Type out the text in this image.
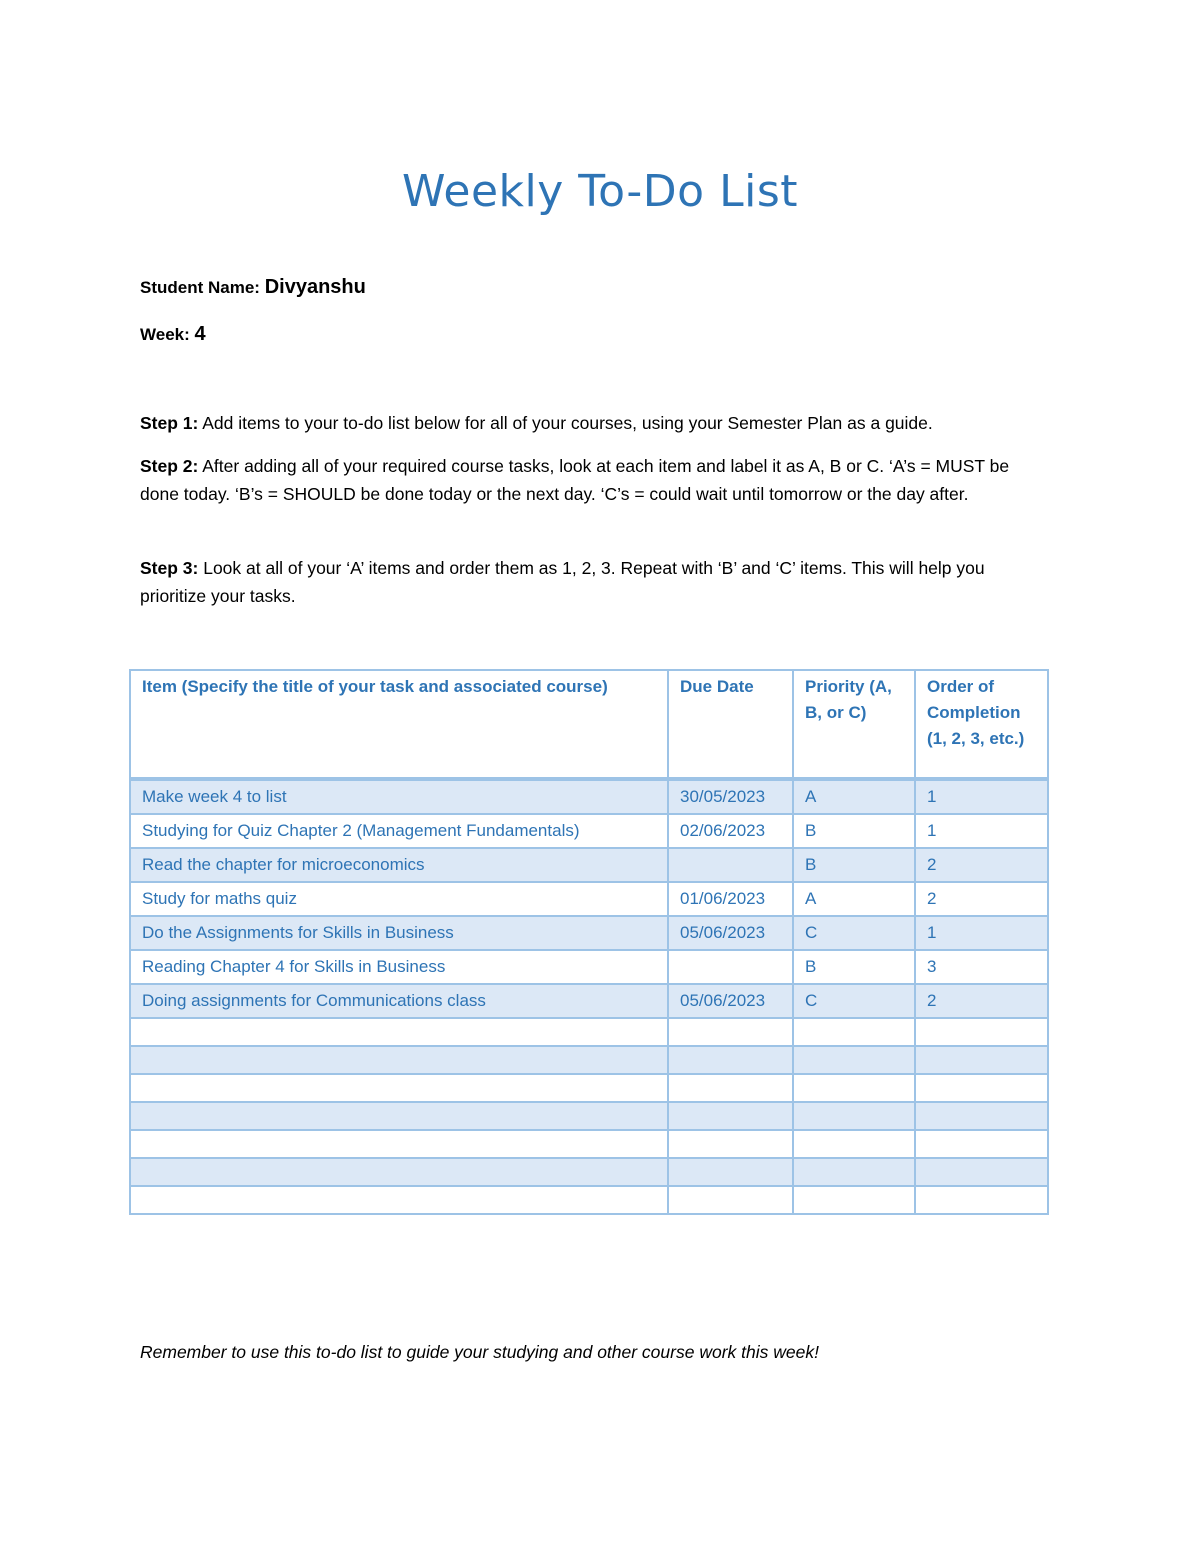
Weekly To-Do List
Student Name: Divyanshu
Week: 4
Step 1: Add items to your to-do list below for all of your courses, using your Semester Plan as a guide.
Step 2: After adding all of your required course tasks, look at each item and label it as A, B or C. ‘A’s = MUST be done today. ‘B’s = SHOULD be done today or the next day. ‘C’s = could wait until tomorrow or the day after.
Step 3: Look at all of your ‘A’ items and order them as 1, 2, 3. Repeat with ‘B’ and ‘C’ items. This will help you prioritize your tasks.
Item (Specify the title of your task and associated course)	Due Date	Priority (A, B, or C)	Order of Completion (1, 2, 3, etc.)
Make week 4 to list	30/05/2023	A	1
Studying for Quiz Chapter 2 (Management Fundamentals)	02/06/2023	B	1
Read the chapter for microeconomics		B	2
Study for maths quiz	01/06/2023	A	2
Do the Assignments for Skills in Business	05/06/2023	C	1
Reading Chapter 4 for Skills in Business		B	3
Doing assignments for Communications class	05/06/2023	C	2

Remember to use this to-do list to guide your studying and other course work this week!
